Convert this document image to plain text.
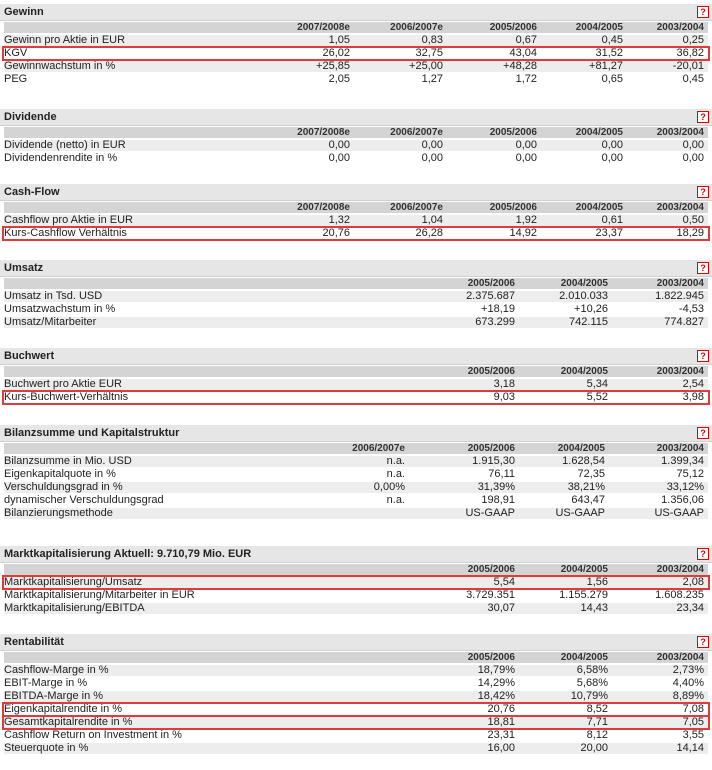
Gewinn	?
2007/2008e	2006/2007e	2005/2006	2004/2005	2003/2004
Gewinn pro Aktie in EUR	1,05	0,83	0,67	0,45	0,25
KGV	26,02	32,75	43,04	31,52	36,82
Gewinnwachstum in %	+25,85	+25,00	+48,28	+81,27	-20,01
PEG	2,05	1,27	1,72	0,65	0,45
Dividende	?
2007/2008e	2006/2007e	2005/2006	2004/2005	2003/2004
Dividende (netto) in EUR	0,00	0,00	0,00	0,00	0,00
Dividendenrendite in %	0,00	0,00	0,00	0,00	0,00
Cash-Flow	?
2007/2008e	2006/2007e	2005/2006	2004/2005	2003/2004
Cashflow pro Aktie in EUR	1,32	1,04	1,92	0,61	0,50
Kurs-Cashflow Verhältnis	20,76	26,28	14,92	23,37	18,29
Umsatz	?
2005/2006	2004/2005	2003/2004
Umsatz in Tsd. USD	2.375.687	2.010.033	1.822.945
Umsatzwachstum in %	+18,19	+10,26	-4,53
Umsatz/Mitarbeiter	673.299	742.115	774.827
Buchwert	?
2005/2006	2004/2005	2003/2004
Buchwert pro Aktie EUR	3,18	5,34	2,54
Kurs-Buchwert-Verhältnis	9,03	5,52	3,98
Bilanzsumme und Kapitalstruktur	?
2006/2007e	2005/2006	2004/2005	2003/2004
Bilanzsumme in Mio. USD	n.a.	1.915,30	1.628,54	1.399,34
Eigenkapitalquote in %	n.a.	76,11	72,35	75,12
Verschuldungsgrad in %	0,00%	31,39%	38,21%	33,12%
dynamischer Verschuldungsgrad	n.a.	198,91	643,47	1.356,06
Bilanzierungsmethode	US-GAAP	US-GAAP	US-GAAP
Marktkapitalisierung Aktuell: 9.710,79 Mio. EUR	?
2005/2006	2004/2005	2003/2004
Marktkapitalisierung/Umsatz	5,54	1,56	2,08
Marktkapitalisierung/Mitarbeiter in EUR	3.729.351	1.155.279	1.608.235
Marktkapitalisierung/EBITDA	30,07	14,43	23,34
Rentabilität	?
2005/2006	2004/2005	2003/2004
Cashflow-Marge in %	18,79%	6,58%	2,73%
EBIT-Marge in %	14,29%	5,68%	4,40%
EBITDA-Marge in %	18,42%	10,79%	8,89%
Eigenkapitalrendite in %	20,76	8,52	7,08
Gesamtkapitalrendite in %	18,81	7,71	7,05
Cashflow Return on Investment in %	23,31	8,12	3,55
Steuerquote in %	16,00	20,00	14,14
